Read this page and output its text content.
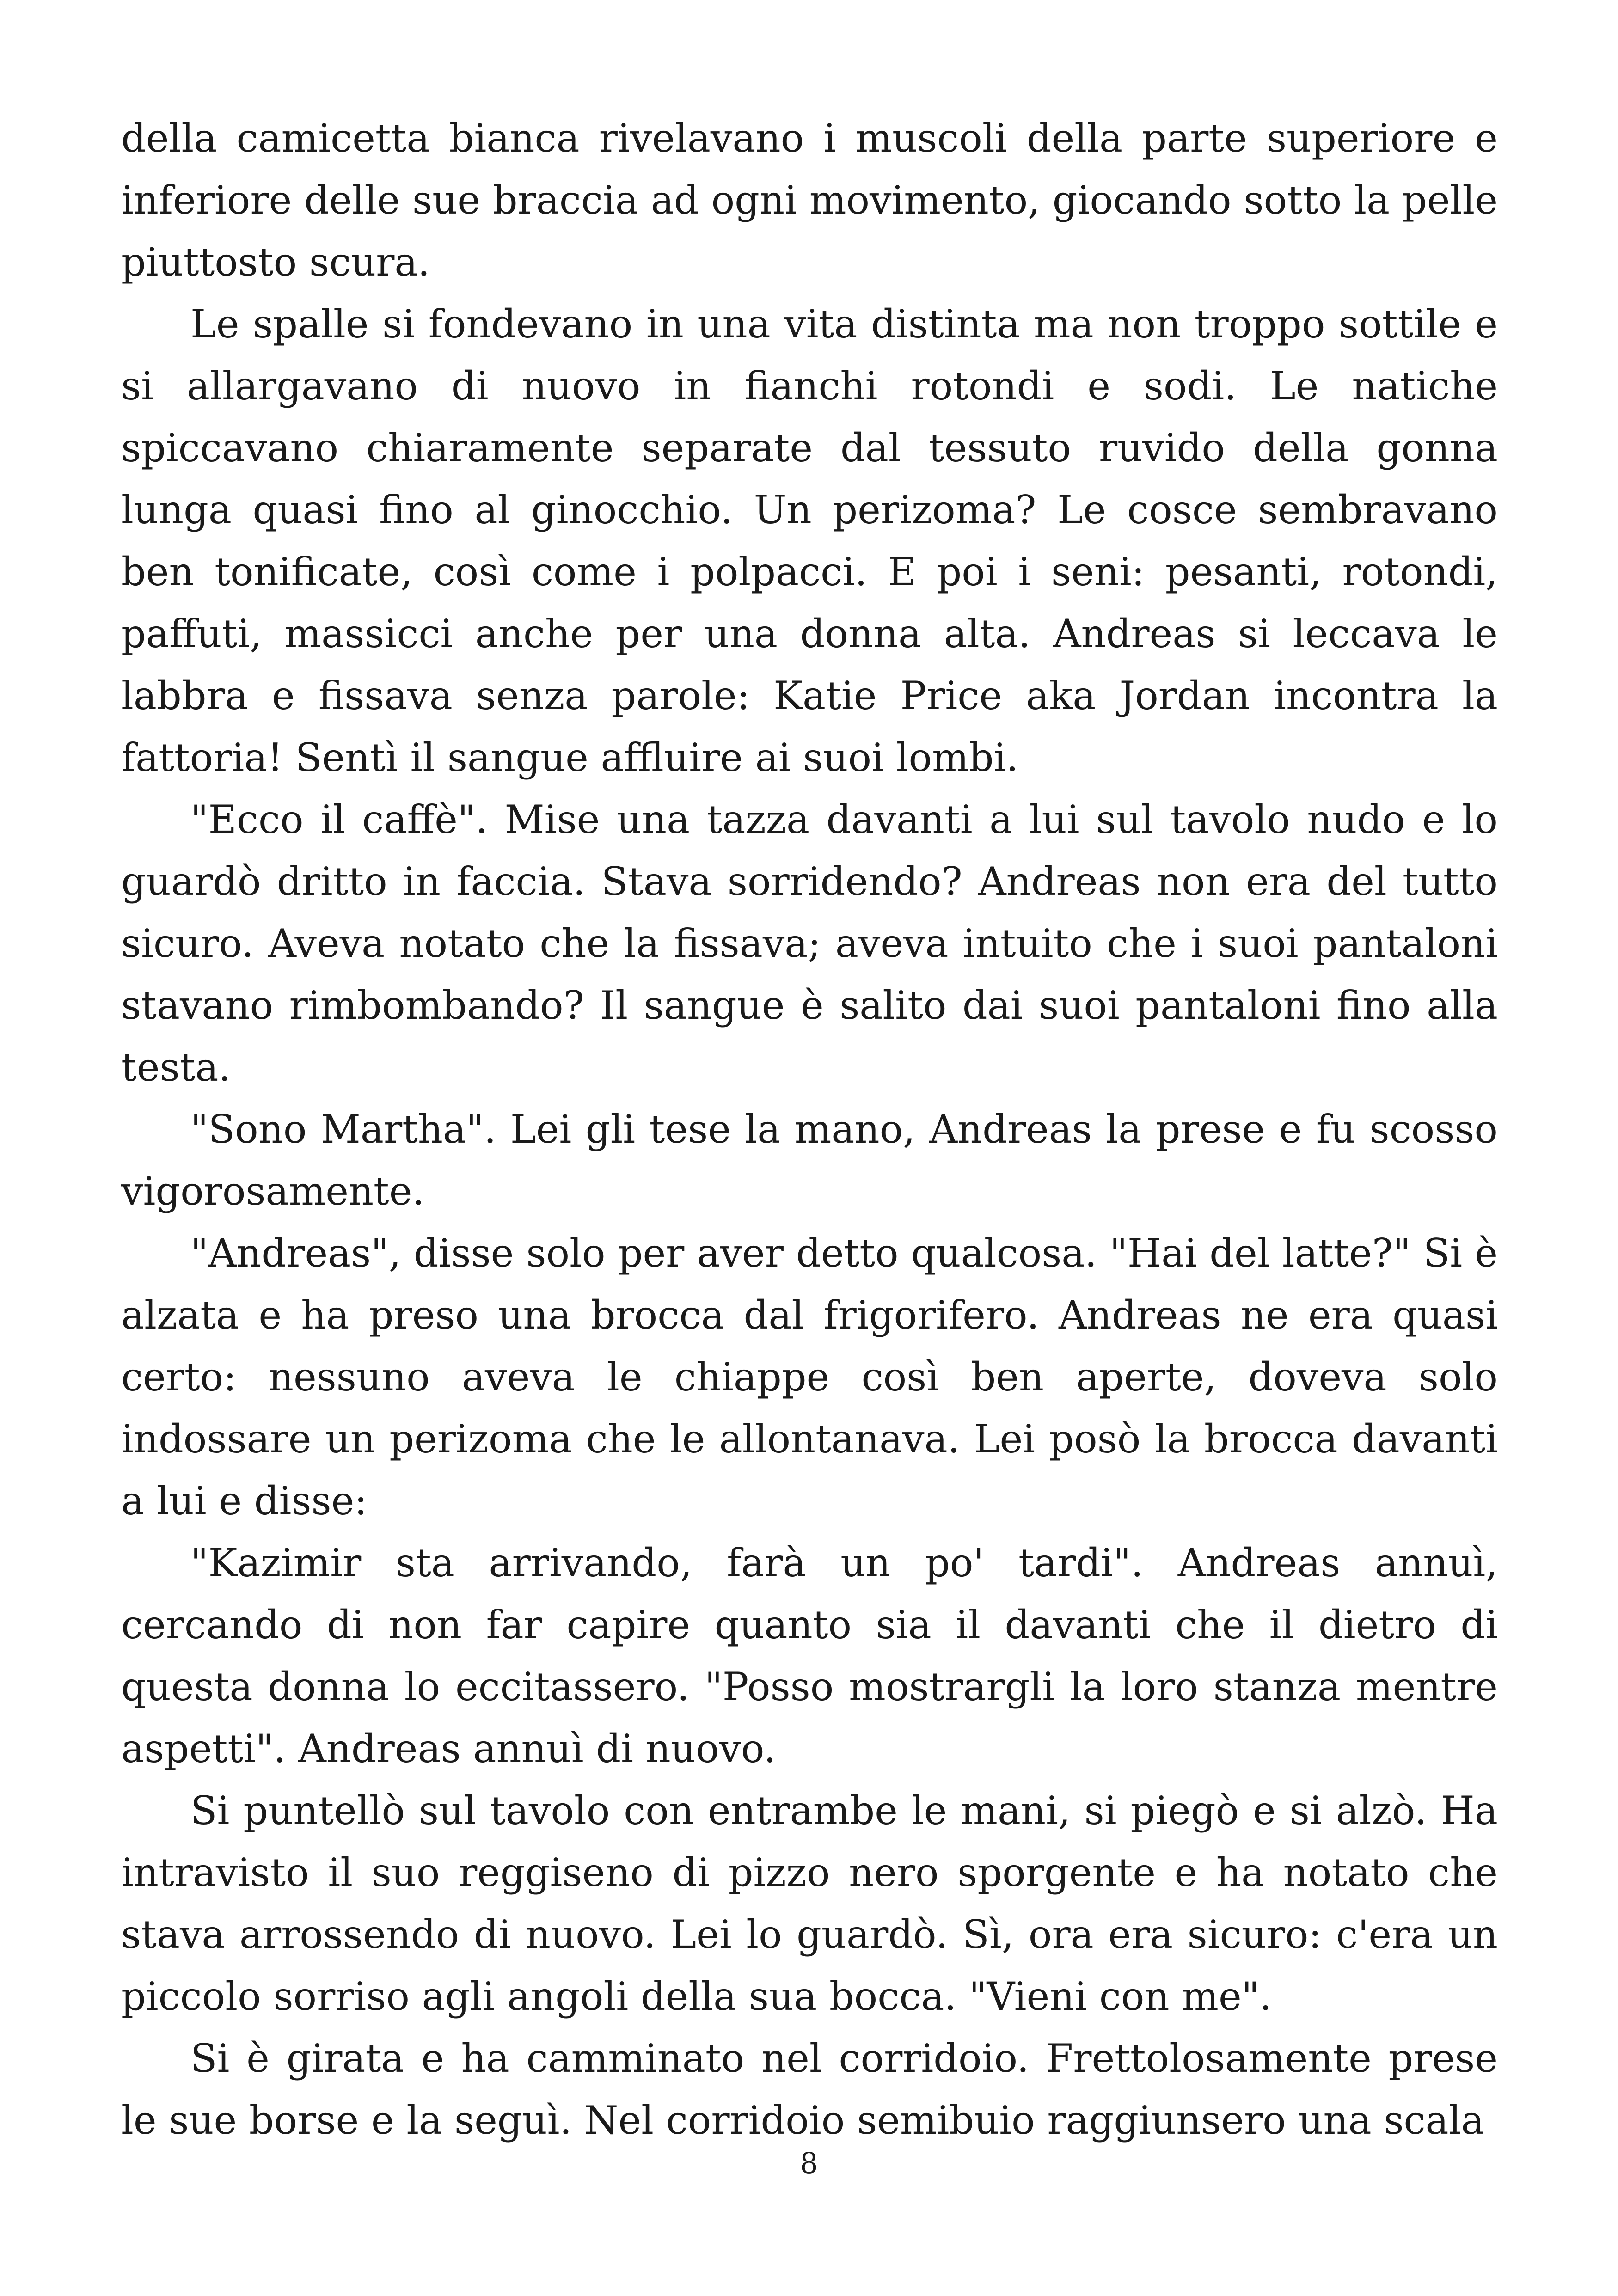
della camicetta bianca rivelavano i muscoli della parte superiore e inferiore delle sue braccia ad ogni movimento, giocando sotto la pelle piuttosto scura.

Le spalle si fondevano in una vita distinta ma non troppo sottile e si allargavano di nuovo in fianchi rotondi e sodi. Le natiche spiccavano chiaramente separate dal tessuto ruvido della gonna lunga quasi fino al ginocchio. Un perizoma? Le cosce sembravano ben tonificate, così come i polpacci. E poi i seni: pesanti, rotondi, paffuti, massicci anche per una donna alta. Andreas si leccava le labbra e fissava senza parole: Katie Price aka Jordan incontra la fattoria! Sentì il sangue affluire ai suoi lombi.

"Ecco il caffè". Mise una tazza davanti a lui sul tavolo nudo e lo guardò dritto in faccia. Stava sorridendo? Andreas non era del tutto sicuro. Aveva notato che la fissava; aveva intuito che i suoi pantaloni stavano rimbombando? Il sangue è salito dai suoi pantaloni fino alla testa.

"Sono Martha". Lei gli tese la mano, Andreas la prese e fu scosso vigorosamente.

"Andreas", disse solo per aver detto qualcosa. "Hai del latte?" Si è alzata e ha preso una brocca dal frigorifero. Andreas ne era quasi certo: nessuno aveva le chiappe così ben aperte, doveva solo indossare un perizoma che le allontanava. Lei posò la brocca davanti a lui e disse:

"Kazimir sta arrivando, farà un po' tardi". Andreas annuì, cercando di non far capire quanto sia il davanti che il dietro di questa donna lo eccitassero. "Posso mostrargli la loro stanza mentre aspetti". Andreas annuì di nuovo.

Si puntellò sul tavolo con entrambe le mani, si piegò e si alzò. Ha intravisto il suo reggiseno di pizzo nero sporgente e ha notato che stava arrossendo di nuovo. Lei lo guardò. Sì, ora era sicuro: c'era un piccolo sorriso agli angoli della sua bocca. "Vieni con me".

Si è girata e ha camminato nel corridoio. Frettolosamente prese le sue borse e la seguì. Nel corridoio semibuio raggiunsero una scala

8
